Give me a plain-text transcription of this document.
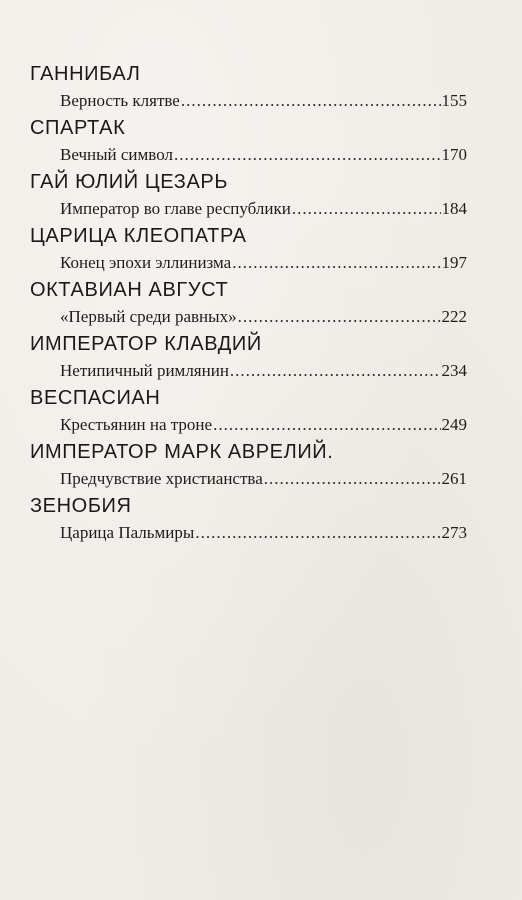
ГАННИБАЛ
Верность клятве .....	155
СПАРТАК
Вечный символ .....	170
ГАЙ ЮЛИЙ ЦЕЗАРЬ
Император во главе республики .....	184
ЦАРИЦА КЛЕОПАТРА
Конец эпохи эллинизма .....	197
ОКТАВИАН АВГУСТ
«Первый среди равных» .....	222
ИМПЕРАТОР КЛАВДИЙ
Нетипичный римлянин .....	234
ВЕСПАСИАН
Крестьянин на троне .....	249
ИМПЕРАТОР МАРК АВРЕЛИЙ.
Предчувствие христианства .....	261
ЗЕНОБИЯ
Царица Пальмиры .....	273
